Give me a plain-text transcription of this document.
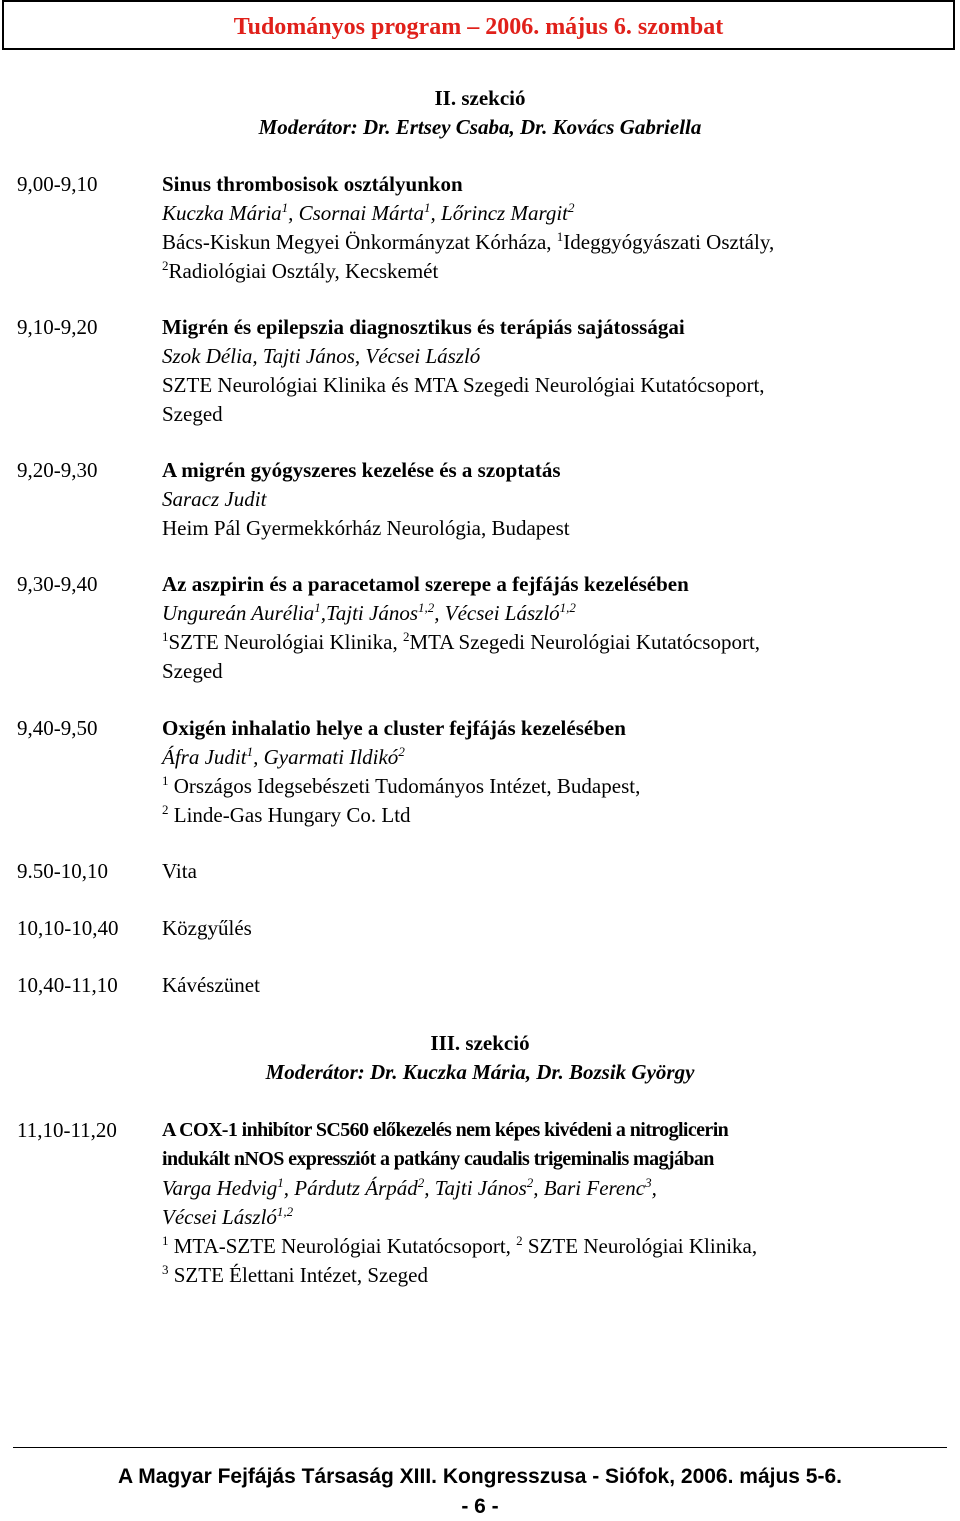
Tudományos program – 2006. május 6. szombat
II. szekció
Moderátor: Dr. Ertsey Csaba, Dr. Kovács Gabriella
9,00-9,10	Sinus thrombosisok osztályunkon
Kuczka Mária$^1$, Csornai Márta$^1$, Lőrincz Margit$^2$
Bács-Kiskun Megyei Önkormányzat Kórháza, $^1$Ideggyógyászati Osztály,
$^2$Radiológiai Osztály, Kecskemét
9,10-9,20	Migrén és epilepszia diagnosztikus és terápiás sajátosságai
Szok Délia, Tajti János, Vécsei László
SZTE Neurológiai Klinika és MTA Szegedi Neurológiai Kutatócsoport,
Szeged
9,20-9,30	A migrén gyógyszeres kezelése és a szoptatás
Saracz Judit
Heim Pál Gyermekkórház Neurológia, Budapest
9,30-9,40	Az aszpirin és a paracetamol szerepe a fejfájás kezelésében
Ungureán Aurélia$^1$,Tajti János$^{1,2}$, Vécsei László$^{1,2}$
$^1$SZTE Neurológiai Klinika, $^2$MTA Szegedi Neurológiai Kutatócsoport,
Szeged
9,40-9,50	Oxigén inhalatio helye a cluster fejfájás kezelésében
Áfra Judit$^1$, Gyarmati Ildikó$^2$
$^1$ Országos Idegsebészeti Tudományos Intézet, Budapest,
$^2$ Linde-Gas Hungary Co. Ltd
9.50-10,10	Vita
10,10-10,40 Közgyűlés
10,40-11,10 Kávészünet
III. szekció
Moderátor: Dr. Kuczka Mária, Dr. Bozsik György
11,10-11,20 A COX-1 inhibítor SC560 előkezelés nem képes kivédeni a nitroglicerin
indukált nNOS expressziót a patkány caudalis trigeminalis magjában
Varga Hedvig$^1$, Párdutz Árpád$^2$, Tajti János$^2$, Bari Ferenc$^3$,
Vécsei László$^{1,2}$
$^1$ MTA-SZTE Neurológiai Kutatócsoport, $^2$ SZTE Neurológiai Klinika,
$^3$ SZTE Élettani Intézet, Szeged
A Magyar Fejfájás Társaság XIII. Kongresszusa - Siófok, 2006. május 5-6.
- 6 -
